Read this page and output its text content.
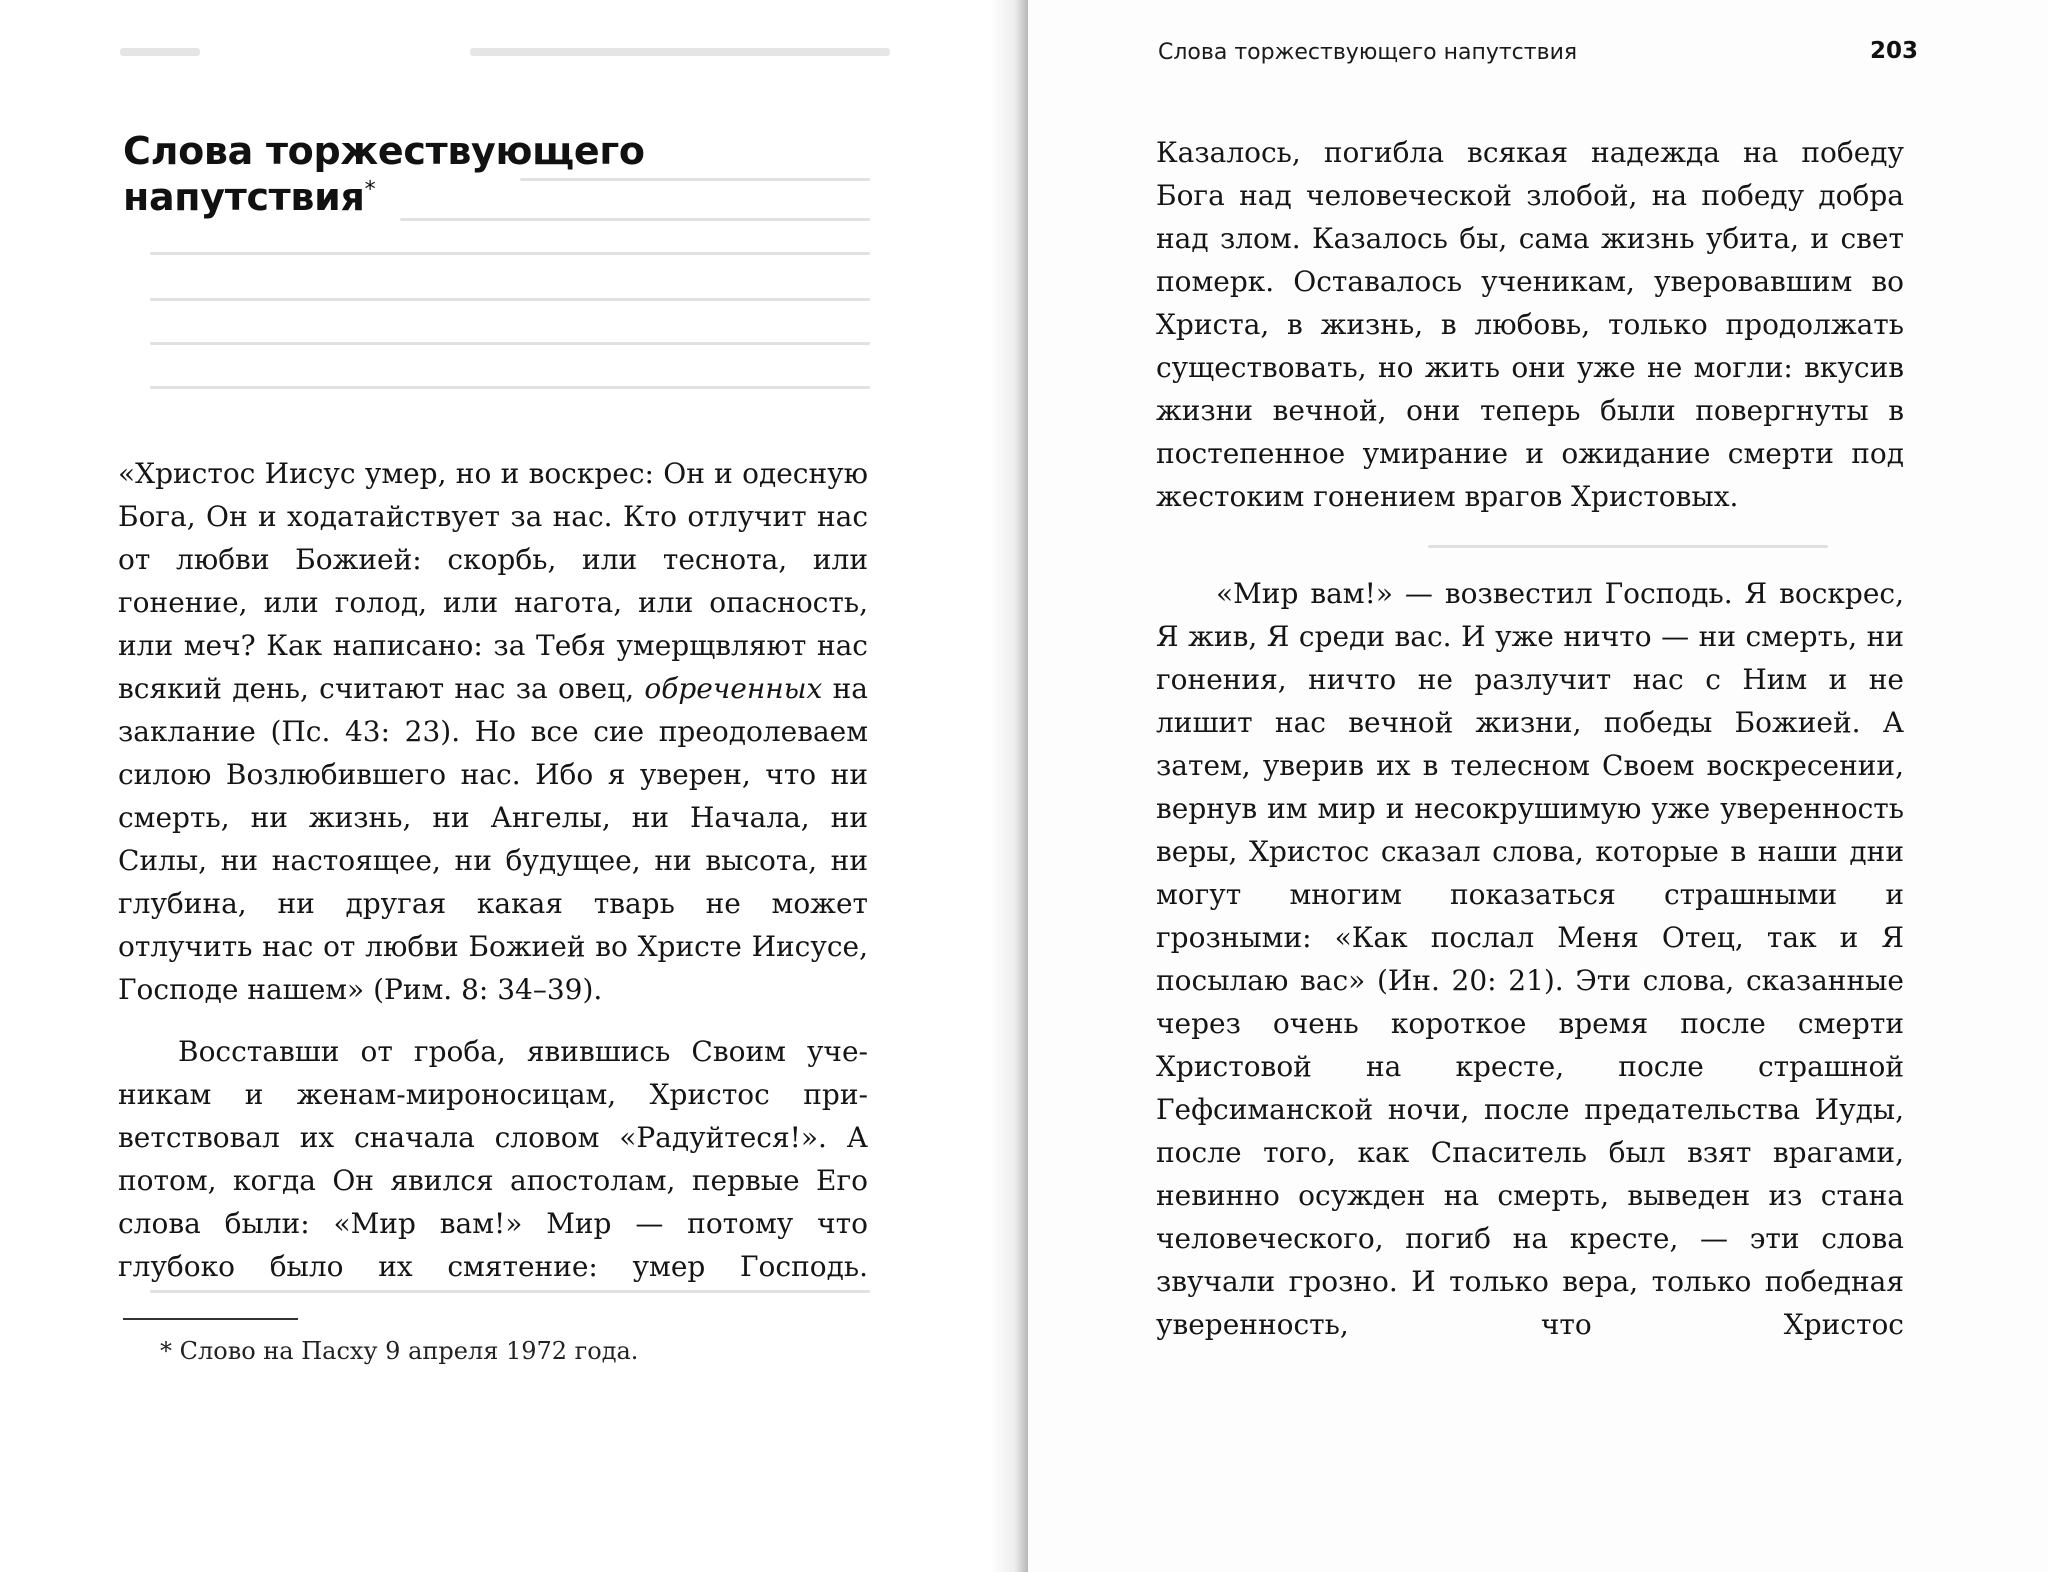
Слова торжествующего
напутствия*

«Христос Иисус умер, но и воскрес: Он и одесную Бога, Он и ходатайствует за нас. Кто отлучит нас от любви Божией: скорбь, или теснота, или гонение, или голод, или нагота, или опасность, или меч? Как написано: за Тебя умерщвляют нас всякий день, считают нас за овец, обреченных на заклание (Пс. 43: 23). Но все сие преодолеваем силою Возлюбившего нас. Ибо я уверен, что ни смерть, ни жизнь, ни Ангелы, ни Начала, ни Силы, ни настоящее, ни будущее, ни высота, ни глубина, ни другая какая тварь не может отлучить нас от любви Божией во Христе Иисусе, Господе нашем» (Рим. 8: 34–39).

Восставши от гроба, явившись Своим ученикам и женам-мироносицам, Христос приветствовал их сначала словом «Радуйтеся!». А потом, когда Он явился апостолам, первые Его слова были: «Мир вам!» Мир — потому что глубоко было их смятение: умер Господь.

* Слово на Пасху 9 апреля 1972 года.

Слова торжествующего напутствия	203

Казалось, погибла всякая надежда на победу Бога над человеческой злобой, на победу добра над злом. Казалось бы, сама жизнь убита, и свет померк. Оставалось ученикам, уверовавшим во Христа, в жизнь, в любовь, только продолжать существовать, но жить они уже не могли: вкусив жизни вечной, они теперь были повергнуты в постепенное умирание и ожидание смерти под жестоким гонением врагов Христовых.

«Мир вам!» — возвестил Господь. Я воскрес, Я жив, Я среди вас. И уже ничто — ни смерть, ни гонения, ничто не разлучит нас с Ним и не лишит нас вечной жизни, победы Божией. А затем, уверив их в телесном Своем воскресении, вернув им мир и несокрушимую уже уверенность веры, Христос сказал слова, которые в наши дни могут многим показаться страшными и грозными: «Как послал Меня Отец, так и Я посылаю вас» (Ин. 20: 21). Эти слова, сказанные через очень короткое время после смерти Христовой на кресте, после страшной Гефсиманской ночи, после предательства Иуды, после того, как Спаситель был взят врагами, невинно осужден на смерть, выведен из стана человеческого, погиб на кресте, — эти слова звучали грозно. И только вера, только победная уверенность, что Христос
